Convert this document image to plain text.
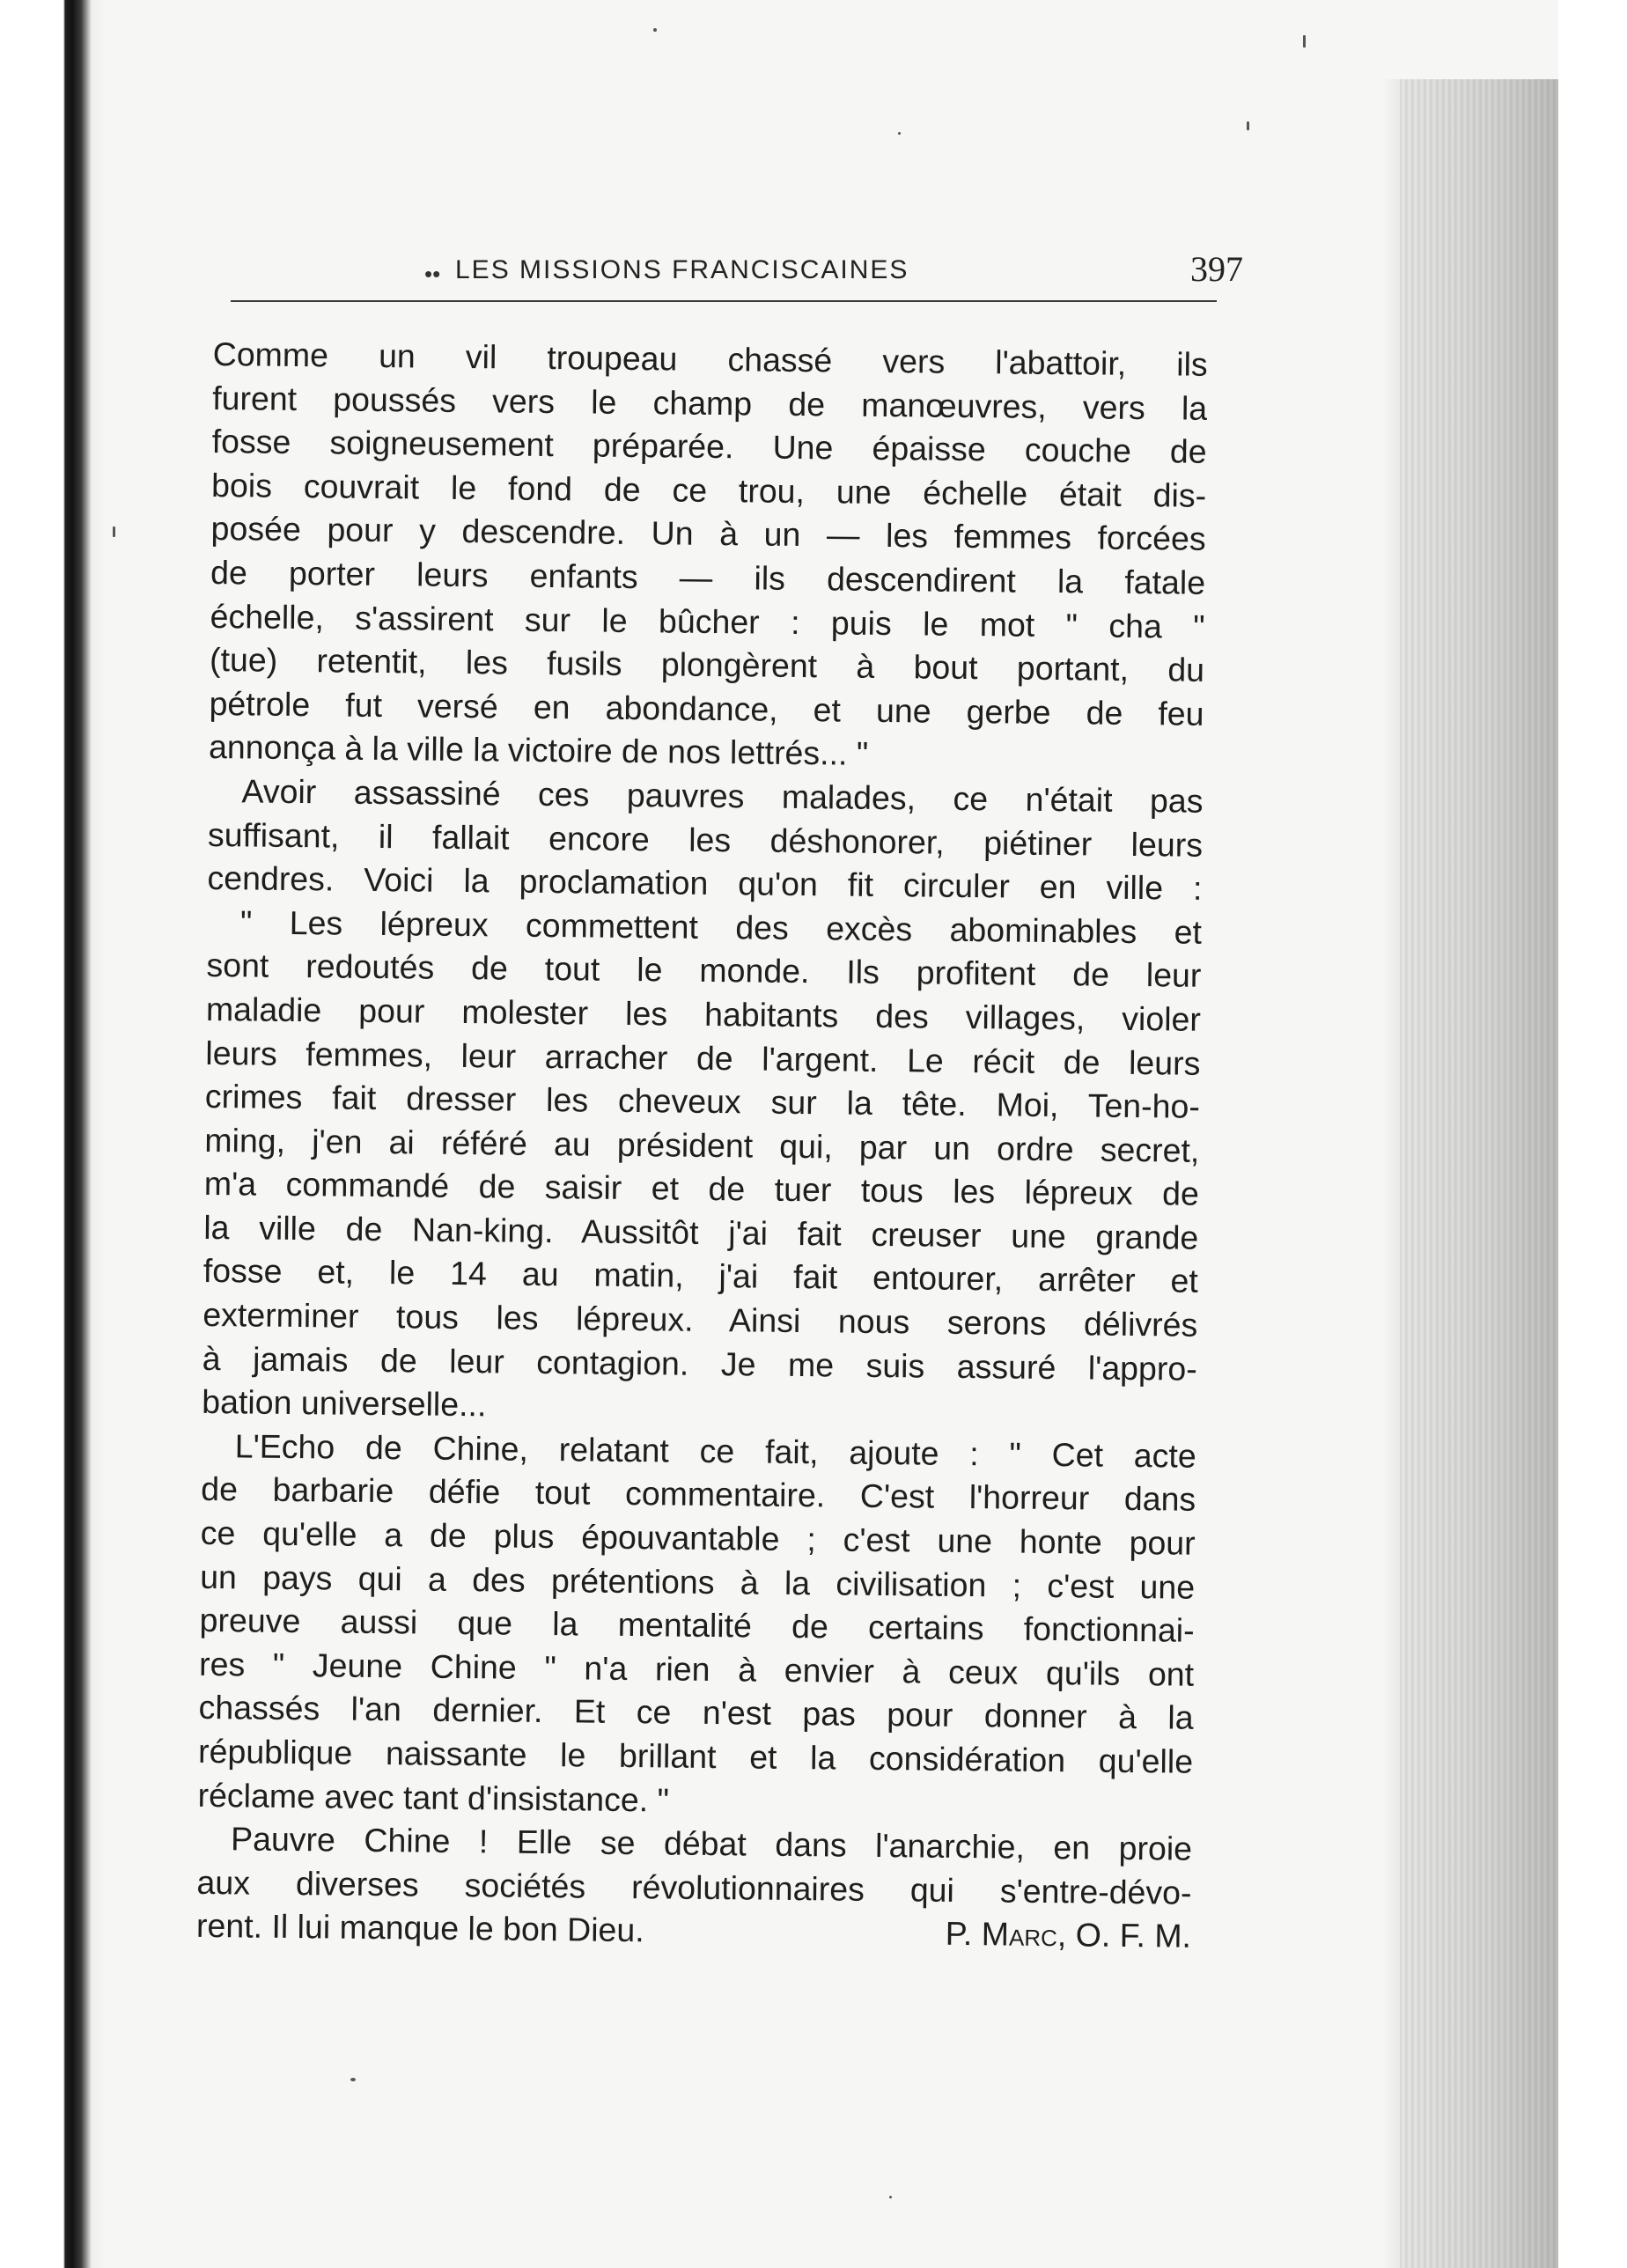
•• LES MISSIONS FRANCISCAINES	397
Comme un vil troupeau chassé vers l'abattoir, ils
furent poussés vers le champ de manœuvres, vers la
fosse soigneusement préparée. Une épaisse couche de
bois couvrait le fond de ce trou, une échelle était dis-
posée pour y descendre. Un à un — les femmes forcées
de porter leurs enfants — ils descendirent la fatale
échelle, s'assirent sur le bûcher : puis le mot " cha "
(tue) retentit, les fusils plongèrent à bout portant, du
pétrole fut versé en abondance, et une gerbe de feu
annonça à la ville la victoire de nos lettrés... "
Avoir assassiné ces pauvres malades, ce n'était pas
suffisant, il fallait encore les déshonorer, piétiner leurs
cendres. Voici la proclamation qu'on fit circuler en ville :
" Les lépreux commettent des excès abominables et
sont redoutés de tout le monde. Ils profitent de leur
maladie pour molester les habitants des villages, violer
leurs femmes, leur arracher de l'argent. Le récit de leurs
crimes fait dresser les cheveux sur la tête. Moi, Ten-ho-
ming, j'en ai référé au président qui, par un ordre secret,
m'a commandé de saisir et de tuer tous les lépreux de
la ville de Nan-king. Aussitôt j'ai fait creuser une grande
fosse et, le 14 au matin, j'ai fait entourer, arrêter et
exterminer tous les lépreux. Ainsi nous serons délivrés
à jamais de leur contagion. Je me suis assuré l'appro-
bation universelle...
L'Echo de Chine, relatant ce fait, ajoute : " Cet acte
de barbarie défie tout commentaire. C'est l'horreur dans
ce qu'elle a de plus épouvantable ; c'est une honte pour
un pays qui a des prétentions à la civilisation ; c'est une
preuve aussi que la mentalité de certains fonctionnai-
res " Jeune Chine " n'a rien à envier à ceux qu'ils ont
chassés l'an dernier. Et ce n'est pas pour donner à la
république naissante le brillant et la considération qu'elle
réclame avec tant d'insistance. "
Pauvre Chine ! Elle se débat dans l'anarchie, en proie
aux diverses sociétés révolutionnaires qui s'entre-dévo-
rent. Il lui manque le bon Dieu.	P. Marc, O. F. M.
